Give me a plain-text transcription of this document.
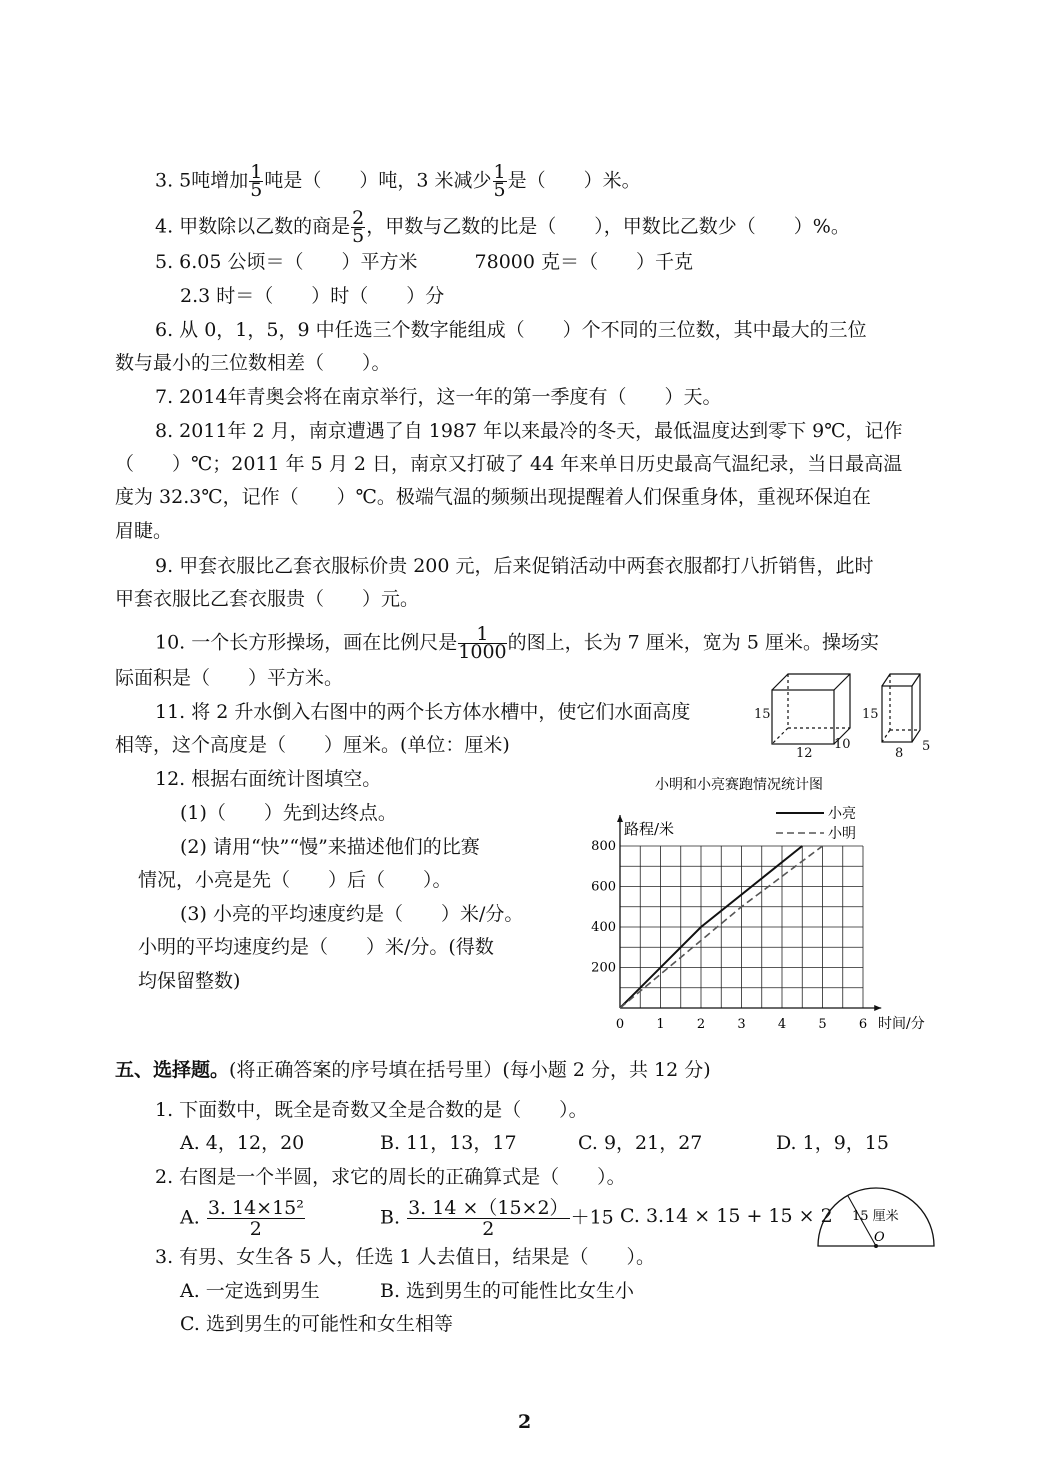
3. 5吨增加 $\frac{1}{5}$ 吨是（　　）吨，3 米减少 $\frac{1}{5}$ 是（　　）米。
4. 甲数除以乙数的商是 $\frac{2}{5}$ ，甲数与乙数的比是（　　），甲数比乙数少（　　）%。
5. 6.05 公顷＝（　　）平方米　　　78000 克＝（　　）千克
2.3 时＝（　　）时（　　）分
6. 从 0，1，5，9 中任选三个数字能组成（　　）个不同的三位数，其中最大的三位
数与最小的三位数相差（　　）。
7. 2014年青奥会将在南京举行，这一年的第一季度有（　　）天。
8. 2011年 2 月，南京遭遇了自 1987 年以来最冷的冬天，最低温度达到零下 9℃，记作
（　　）℃；2011 年 5 月 2 日，南京又打破了 44 年来单日历史最高气温纪录，当日最高温
度为 32.3℃，记作（　　）℃。极端气温的频频出现提醒着人们保重身体，重视环保迫在
眉睫。
9. 甲套衣服比乙套衣服标价贵 200 元，后来促销活动中两套衣服都打八折销售，此时
甲套衣服比乙套衣服贵（　　）元。
10. 一个长方形操场，画在比例尺是 $\frac{1}{1000}$ 的图上，长为 7 厘米，宽为 5 厘米。操场实
际面积是（　　）平方米。
11. 将 2 升水倒入右图中的两个长方体水槽中，使它们水面高度
相等，这个高度是（　　）厘米。(单位：厘米)
15
12
10
15
8 5
12. 根据右面统计图填空。
(1)（　　）先到达终点。
(2) 请用“快”“慢”来描述他们的比赛
情况，小亮是先（　　）后（　　）。
(3) 小亮的平均速度约是（　　）米/分。
小明的平均速度约是（　　）米/分。(得数
均保留整数)
小明和小亮赛跑情况统计图
0 1 2 3 4 5 6
200
400
600
800
小亮
小明
路程/米
时间/分
五、选择题。(将正确答案的序号填在括号里）(每小题 2 分，共 12 分)
1. 下面数中，既全是奇数又全是合数的是（　　）。
A. 4，12，20	B. 11，13，17	C. 9，21，27	D. 1，9，15
2. 右图是一个半圆，求它的周长的正确算式是（　　）。
A. $\frac{\text{3. 14×15²}}{2}$	B. $\frac{3. 14 \times(15\times 2)}{2} +15$ C. 3.14 × 15 + 15 × 2 15 厘米
O
3. 有男、女生各 5 人，任选 1 人去值日，结果是（　　）。
A. 一定选到男生	B. 选到男生的可能性比女生小
C. 选到男生的可能性和女生相等
2
